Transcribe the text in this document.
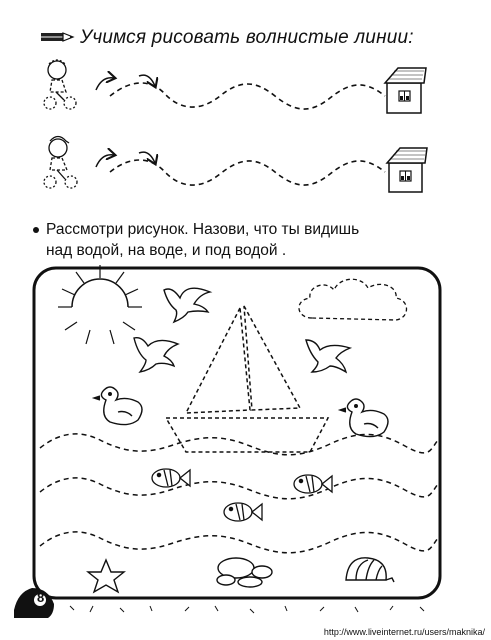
Учимся рисовать волнистые линии:
Рассмотри рисунок. Назови, что ты видишь
над водой, на воде, и под водой .
8
http://www.liveinternet.ru/users/maknika/
